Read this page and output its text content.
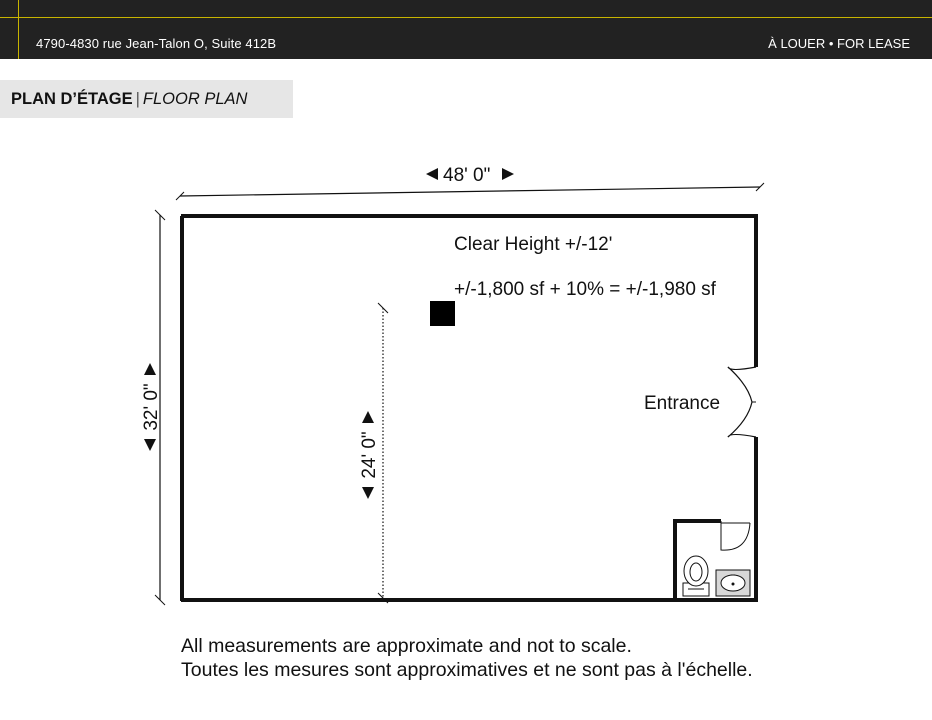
4790-4830 rue Jean-Talon O, Suite 412B	À LOUER • FOR LEASE
PLAN D’ÉTAGE | FLOOR PLAN
48' 0"
32' 0"	Entrance
24' 0"
Clear Height +/-12'
+/-1,800 sf + 10% = +/-1,980 sf
All measurements are approximate and not to scale.
Toutes les mesures sont approximatives et ne sont pas à l'échelle.
